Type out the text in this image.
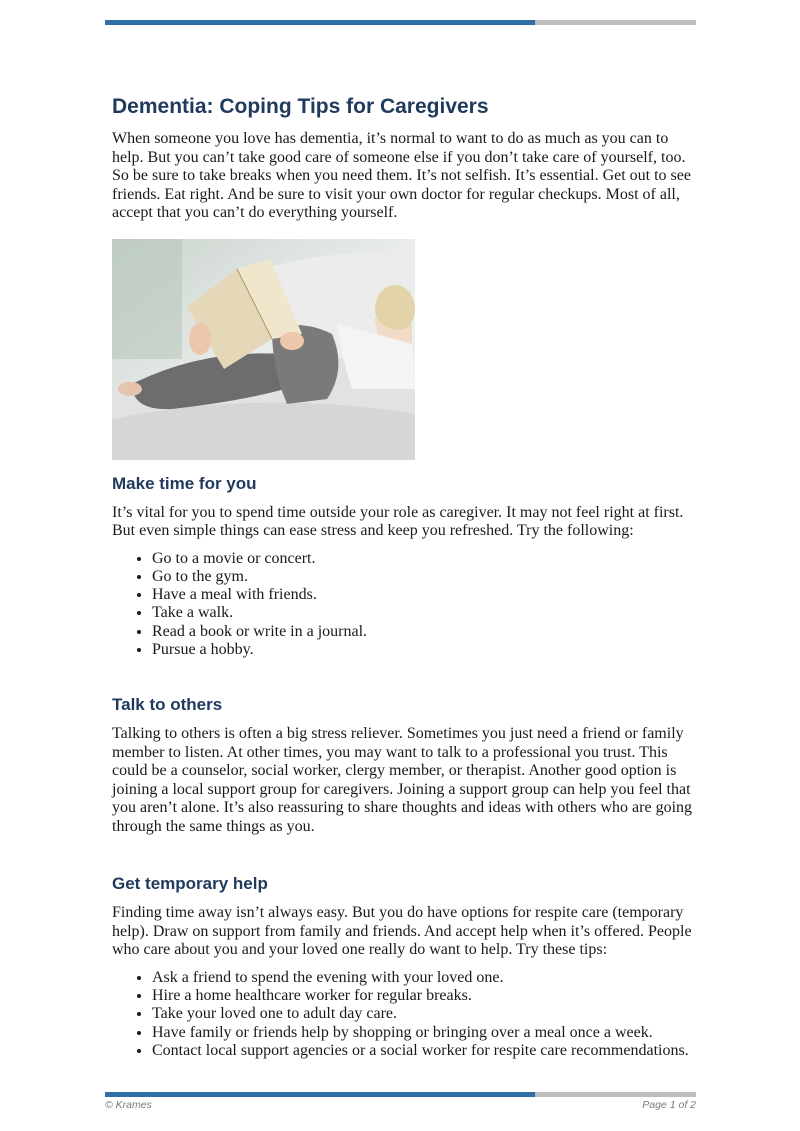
Dementia: Coping Tips for Caregivers

When someone you love has dementia, it’s normal to want to do as much as you can to help. But you can’t take good care of someone else if you don’t take care of yourself, too. So be sure to take breaks when you need them. It’s not selfish. It’s essential. Get out to see friends. Eat right. And be sure to visit your own doctor for regular checkups. Most of all, accept that you can’t do everything yourself.

Make time for you

It’s vital for you to spend time outside your role as caregiver. It may not feel right at first. But even simple things can ease stress and keep you refreshed. Try the following:

• Go to a movie or concert.
• Go to the gym.
• Have a meal with friends.
• Take a walk.
• Read a book or write in a journal.
• Pursue a hobby.
Talk to others

Talking to others is often a big stress reliever. Sometimes you just need a friend or family member to listen. At other times, you may want to talk to a professional you trust. This could be a counselor, social worker, clergy member, or therapist. Another good option is joining a local support group for caregivers. Joining a support group can help you feel that you aren’t alone. It’s also reassuring to share thoughts and ideas with others who are going through the same things as you.

Get temporary help

Finding time away isn’t always easy. But you do have options for respite care (temporary help). Draw on support from family and friends. And accept help when it’s offered. People who care about you and your loved one really do want to help. Try these tips:

• Ask a friend to spend the evening with your loved one.
• Hire a home healthcare worker for regular breaks.
• Take your loved one to adult day care.
• Have family or friends help by shopping or bringing over a meal once a week.
• Contact local support agencies or a social worker for respite care recommendations.
© Krames	Page 1 of 2
